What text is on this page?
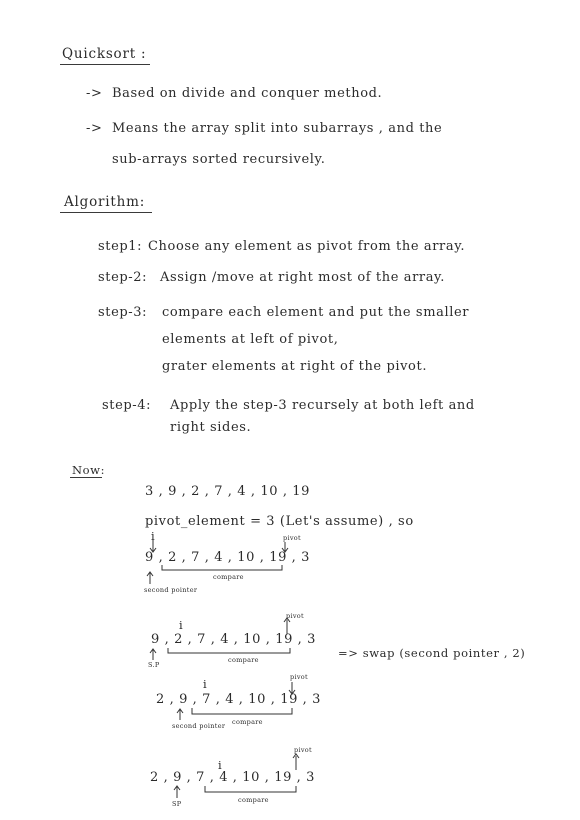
Quicksort :
-> Based on divide and conquer method.
-> Means the array split into subarrays , and the
sub-arrays sorted recursively.
Algorithm:
step1: Choose any element as pivot from the array.
step-2: Assign /move at right most of the array.
step-3: compare each element and put the smaller
elements at left of pivot,
grater elements at right of the pivot.
step-4: Apply the step-3 recursely at both left and
right sides.
Now:
3 , 9 , 2 , 7 , 4 , 10 , 19
pivot_element = 3 (Let's assume) , so
pivot
i
9 , 2 , 7 , 4 , 10 , 19 , 3
compare
second pointer
pivot
i
9 , 2 , 7 , 4 , 10 , 19 , 3
compare
S.P
=> swap (second pointer , 2)
pivot
i
2 , 9 , 7 , 4 , 10 , 19 , 3
compare
second pointer
pivot
i
2 , 9 , 7 , 4 , 10 , 19 , 3
compare
SP
